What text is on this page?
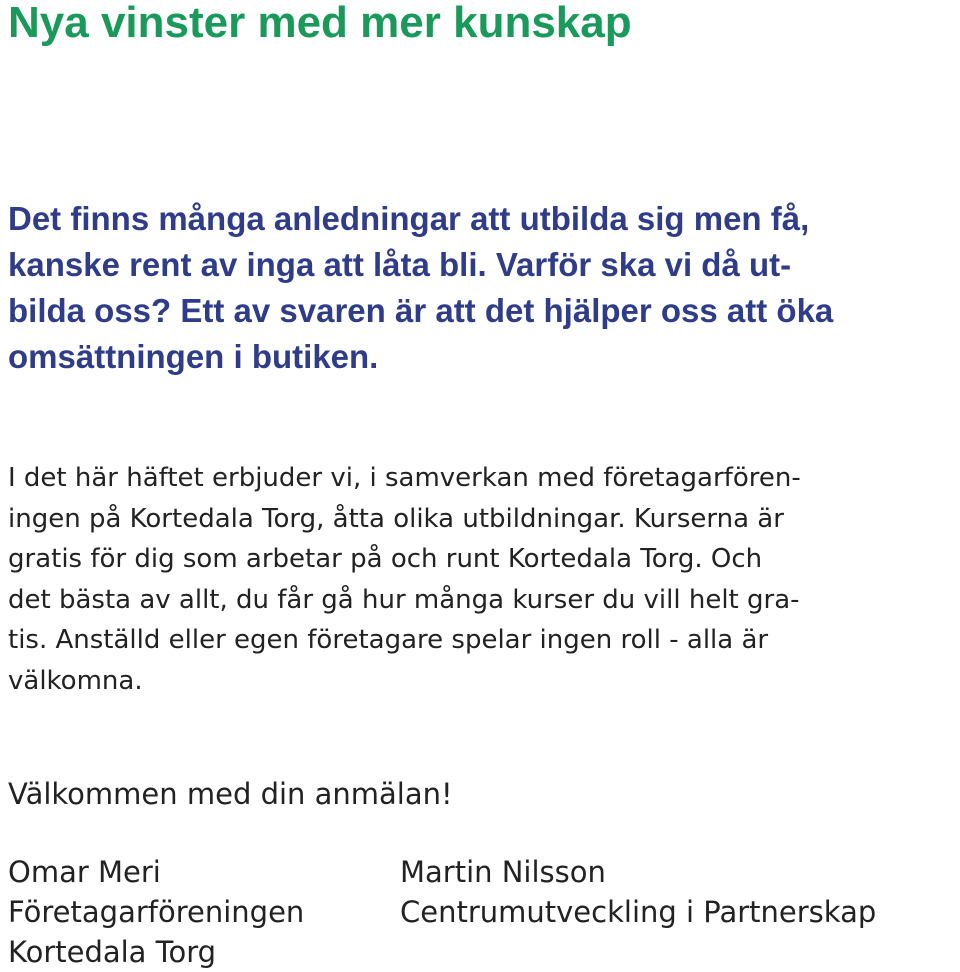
Nya vinster med mer kunskap
Det finns många anledningar att utbilda sig men få,
kanske rent av inga att låta bli. Varför ska vi då ut-
bilda oss? Ett av svaren är att det hjälper oss att öka
omsättningen i butiken.
I det här häftet erbjuder vi, i samverkan med företagarfören-
ingen på Kortedala Torg, åtta olika utbildningar. Kurserna är
gratis för dig som arbetar på och runt Kortedala Torg. Och
det bästa av allt, du får gå hur många kurser du vill helt gra-
tis. Anställd eller egen företagare spelar ingen roll - alla är
välkomna.

Välkommen med din anmälan!

Omar Meri
Företagarföreningen
Kortedala Torg
Martin Nilsson
Centrumutveckling i Partnerskap
